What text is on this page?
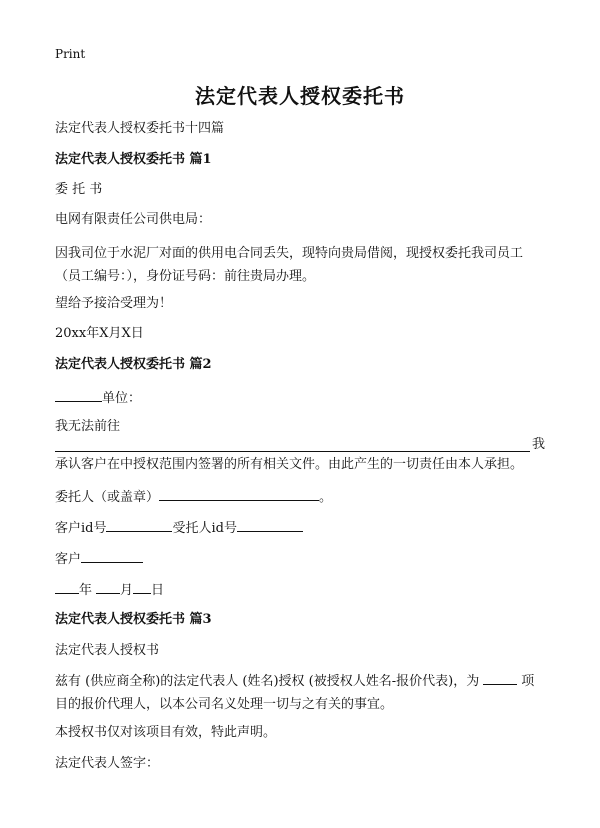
Print
法定代表人授权委托书
法定代表人授权委托书十四篇
法定代表人授权委托书 篇1
委 托 书
电网有限责任公司供电局：
因我司位于水泥厂对面的供用电合同丢失，现特向贵局借阅，现授权委托我司员工（员工编号：），身份证号码：前往贵局办理。
望给予接洽受理为！
20xx年X月X日
法定代表人授权委托书 篇2
单位：
我无法前往
我
承认客户在中授权范围内签署的所有相关文件。由此产生的一切责任由本人承担。
委托人（或盖章）	。
客户id号	受托人id号
客户
年 月 日
法定代表人授权委托书 篇3
法定代表人授权书
兹有 (供应商全称)的法定代表人 (姓名)授权 (被授权人姓名-报价代表)，为	项目的报价代理人，以本公司名义处理一切与之有关的事宜。
本授权书仅对该项目有效，特此声明。
法定代表人签字：
